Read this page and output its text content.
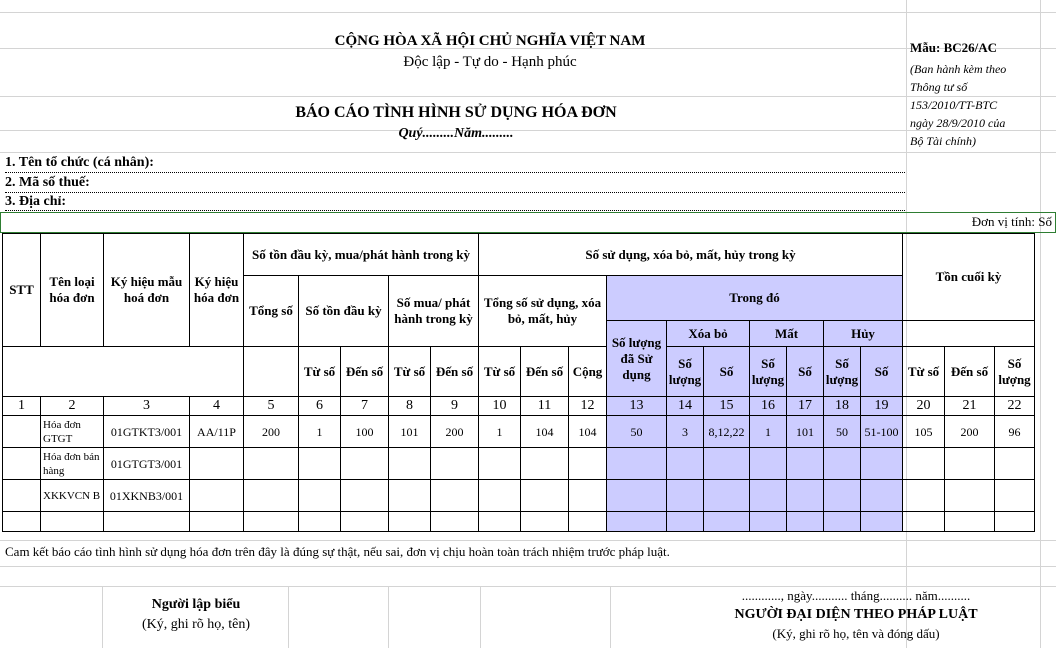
CỘNG HÒA XÃ HỘI CHỦ NGHĨA VIỆT NAM
Độc lập - Tự do - Hạnh phúc
BÁO CÁO TÌNH HÌNH SỬ DỤNG HÓA ĐƠN
Quý.........Năm.........
Mẫu: BC26/AC
(Ban hành kèm theo
Thông tư số
153/2010/TT-BTC
ngày 28/9/2010 của
Bộ Tài chính)
1. Tên tổ chức (cá nhân):
2. Mã số thuế:
3. Địa chỉ:
Đơn vị tính: Số
STT	Tên loại hóa đơn	Ký hiệu mẫu hoá đơn	Ký hiệu hóa đơn	Số tồn đầu kỳ, mua/phát hành trong kỳ					Số sử dụng, xóa bỏ, mất, hủy trong kỳ										Tồn cuối kỳ		
				Tổng số	Số tồn đầu kỳ		Số mua/ phát hành trong kỳ		Tổng số sử dụng, xóa bỏ, mất, hủy			Trong đó									
												Số lượng đã Sử dụng	Xóa bỏ		Mất		Hủy				
					Từ số	Đến số	Từ số	Đến số	Từ số	Đến số	Cộng		Số lượng	Số	Số lượng	Số	Số lượng	Số	Từ số	Đến số	Số lượng
1	2	3	4	5	6	7	8	9	10	11	12	13	14	15	16	17	18	19	20	21	22
	Hóa đơn GTGT	01GTKT3/001	AA/11P	200	1	100	101	200	1	104	104	50	3	8,12,22	1	101	50	51-100	105	200	96
	Hóa đơn bán hàng	01GTGT3/001																			
	XKKVCN B	01XKNB3/001																			

Cam kết báo cáo tình hình sử dụng hóa đơn trên đây là đúng sự thật, nếu sai, đơn vị chịu hoàn toàn trách nhiệm trước pháp luật.
Người lập biểu
(Ký, ghi rõ họ, tên)
............, ngày........... tháng.......... năm..........
NGƯỜI ĐẠI DIỆN THEO PHÁP LUẬT
(Ký, ghi rõ họ, tên và đóng dấu)
